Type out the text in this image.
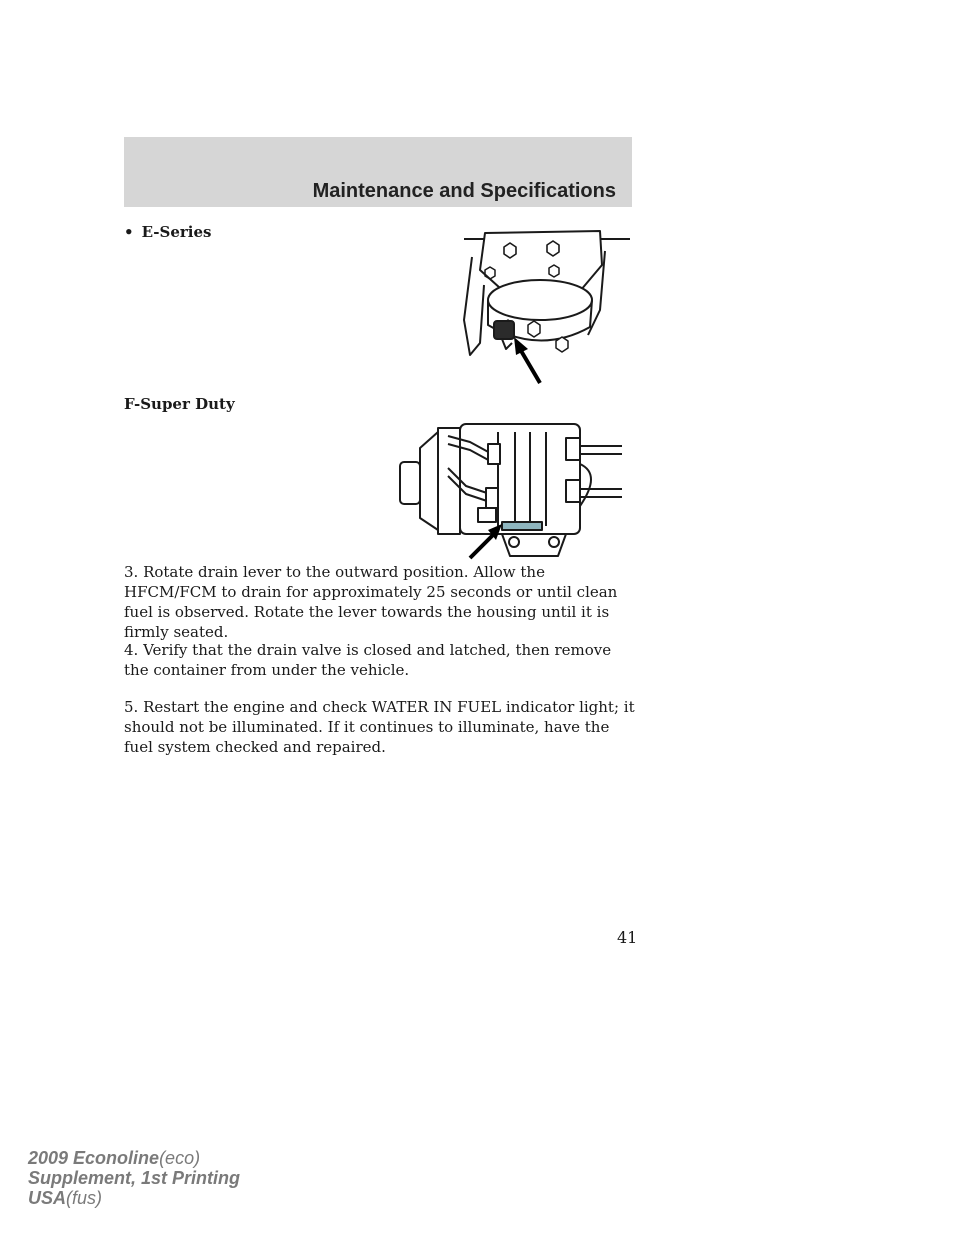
Maintenance and Specifications
• E-Series
F-Super Duty
3. Rotate drain lever to the outward position. Allow the HFCM/FCM to drain for approximately 25 seconds or until clean fuel is observed. Rotate the lever towards the housing until it is firmly seated.
4. Verify that the drain valve is closed and latched, then remove the container from under the vehicle.
5. Restart the engine and check WATER IN FUEL indicator light; it should not be illuminated. If it continues to illuminate, have the fuel system checked and repaired.
41
2009 Econoline(eco)
Supplement, 1st Printing
USA(fus)
